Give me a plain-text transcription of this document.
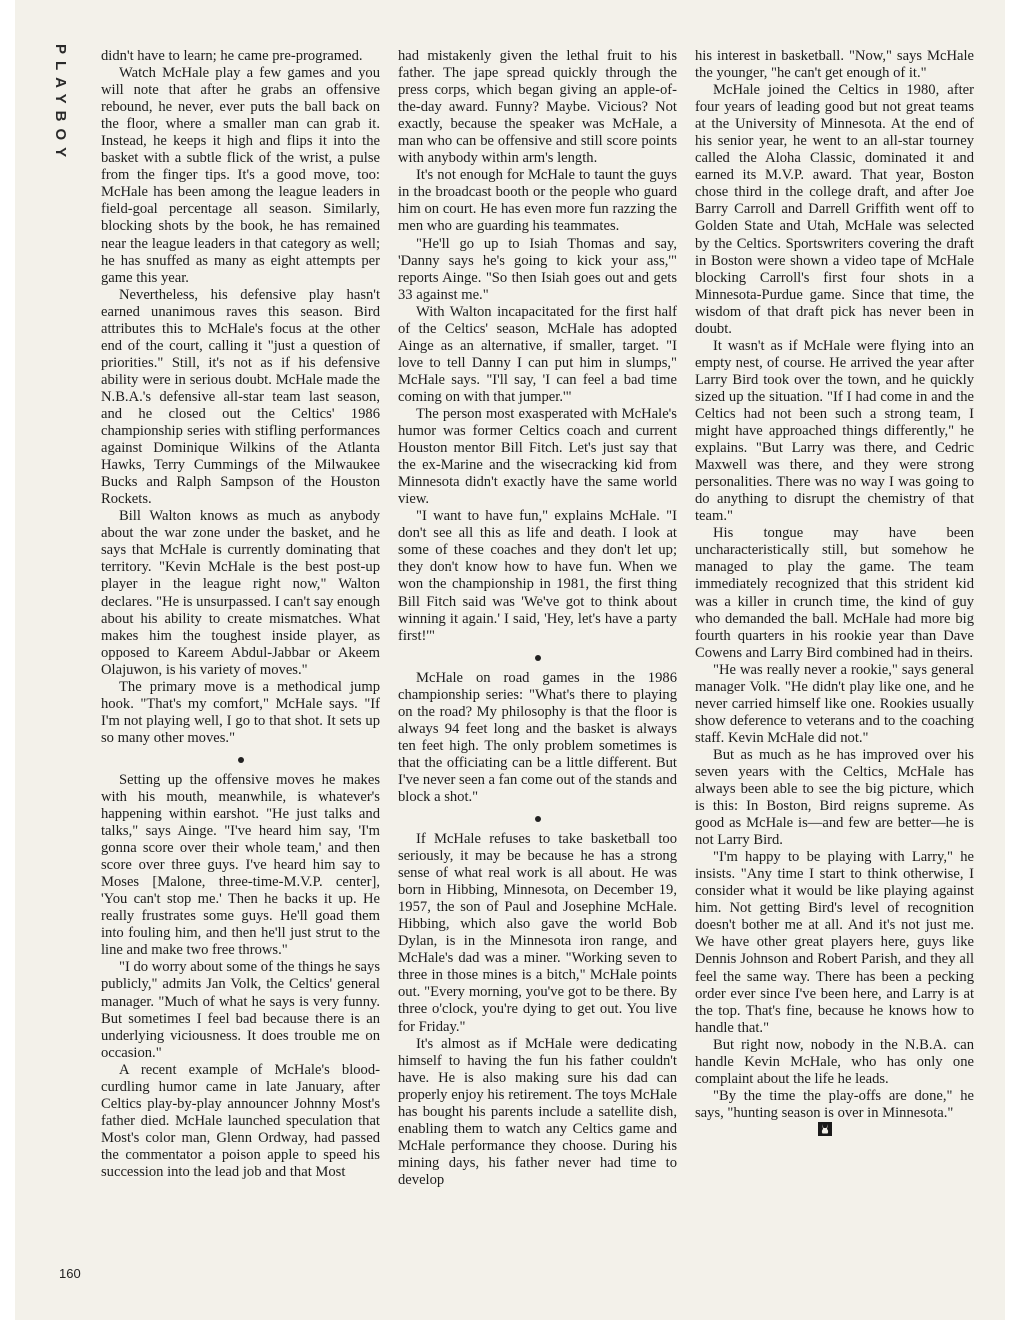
PLAYBOY didn't have to learn; he came pre-programed.

Watch McHale play a few games and you will note that after he grabs an offensive rebound, he never, ever puts the ball back on the floor, where a smaller man can grab it. Instead, he keeps it high and flips it into the basket with a subtle flick of the wrist, a pulse from the finger tips. It's a good move, too: McHale has been among the league leaders in field-goal percentage all season. Similarly, blocking shots by the book, he has remained near the league leaders in that category as well; he has snuffed as many as eight attempts per game this year.

Nevertheless, his defensive play hasn't earned unanimous raves this season. Bird attributes this to McHale's focus at the other end of the court, calling it "just a question of priorities." Still, it's not as if his defensive ability were in serious doubt. McHale made the N.B.A.'s defensive all-star team last season, and he closed out the Celtics' 1986 championship series with stifling performances against Dominique Wilkins of the Atlanta Hawks, Terry Cummings of the Milwaukee Bucks and Ralph Sampson of the Houston Rockets.

Bill Walton knows as much as anybody about the war zone under the basket, and he says that McHale is currently dominating that territory. "Kevin McHale is the best post-up player in the league right now," Walton declares. "He is unsurpassed. I can't say enough about his ability to create mismatches. What makes him the toughest inside player, as opposed to Kareem Abdul-Jabbar or Akeem Olajuwon, is his variety of moves."

The primary move is a methodical jump hook. "That's my comfort," McHale says. "If I'm not playing well, I go to that shot. It sets up so many other moves."

Setting up the offensive moves he makes with his mouth, meanwhile, is whatever's happening within earshot. "He just talks and talks," says Ainge. "I've heard him say, 'I'm gonna score over their whole team,' and then score over three guys. I've heard him say to Moses [Malone, three-time-M.V.P. center], 'You can't stop me.' Then he backs it up. He really frustrates some guys. He'll goad them into fouling him, and then he'll just strut to the line and make two free throws."

"I do worry about some of the things he says publicly," admits Jan Volk, the Celtics' general manager. "Much of what he says is very funny. But sometimes I feel bad because there is an underlying viciousness. It does trouble me on occasion."

A recent example of McHale's blood-curdling humor came in late January, after Celtics play-by-play announcer Johnny Most's father died. McHale launched speculation that Most's color man, Glenn Ordway, had passed the commentator a poison apple to speed his succession into the lead job and that Most

had mistakenly given the lethal fruit to his father. The jape spread quickly through the press corps, which began giving an apple-of-the-day award. Funny? Maybe. Vicious? Not exactly, because the speaker was McHale, a man who can be offensive and still score points with anybody within arm's length.

It's not enough for McHale to taunt the guys in the broadcast booth or the people who guard him on court. He has even more fun razzing the men who are guarding his teammates.

"He'll go up to Isiah Thomas and say, 'Danny says he's going to kick your ass,'" reports Ainge. "So then Isiah goes out and gets 33 against me."

With Walton incapacitated for the first half of the Celtics' season, McHale has adopted Ainge as an alternative, if smaller, target. "I love to tell Danny I can put him in slumps," McHale says. "I'll say, 'I can feel a bad time coming on with that jumper.'"

The person most exasperated with McHale's humor was former Celtics coach and current Houston mentor Bill Fitch. Let's just say that the ex-Marine and the wisecracking kid from Minnesota didn't exactly have the same world view.

"I want to have fun," explains McHale. "I don't see all this as life and death. I look at some of these coaches and they don't let up; they don't know how to have fun. When we won the championship in 1981, the first thing Bill Fitch said was 'We've got to think about winning it again.' I said, 'Hey, let's have a party first!'"

McHale on road games in the 1986 championship series: "What's there to playing on the road? My philosophy is that the floor is always 94 feet long and the basket is always ten feet high. The only problem sometimes is that the officiating can be a little different. But I've never seen a fan come out of the stands and block a shot."

If McHale refuses to take basketball too seriously, it may be because he has a strong sense of what real work is all about. He was born in Hibbing, Minnesota, on December 19, 1957, the son of Paul and Josephine McHale. Hibbing, which also gave the world Bob Dylan, is in the Minnesota iron range, and McHale's dad was a miner. "Working seven to three in those mines is a bitch," McHale points out. "Every morning, you've got to be there. By three o'clock, you're dying to get out. You live for Friday."

It's almost as if McHale were dedicating himself to having the fun his father couldn't have. He is also making sure his dad can properly enjoy his retirement. The toys McHale has bought his parents include a satellite dish, enabling them to watch any Celtics game and McHale performance they choose. During his mining days, his father never had time to develop

his interest in basketball. "Now," says McHale the younger, "he can't get enough of it."

McHale joined the Celtics in 1980, after four years of leading good but not great teams at the University of Minnesota. At the end of his senior year, he went to an all-star tourney called the Aloha Classic, dominated it and earned its M.V.P. award. That year, Boston chose third in the college draft, and after Joe Barry Carroll and Darrell Griffith went off to Golden State and Utah, McHale was selected by the Celtics. Sportswriters covering the draft in Boston were shown a video tape of McHale blocking Carroll's first four shots in a Minnesota-Purdue game. Since that time, the wisdom of that draft pick has never been in doubt.

It wasn't as if McHale were flying into an empty nest, of course. He arrived the year after Larry Bird took over the town, and he quickly sized up the situation. "If I had come in and the Celtics had not been such a strong team, I might have approached things differently," he explains. "But Larry was there, and Cedric Maxwell was there, and they were strong personalities. There was no way I was going to do anything to disrupt the chemistry of that team."

His tongue may have been uncharacteristically still, but somehow he managed to play the game. The team immediately recognized that this strident kid was a killer in crunch time, the kind of guy who demanded the ball. McHale had more big fourth quarters in his rookie year than Dave Cowens and Larry Bird combined had in theirs.

"He was really never a rookie," says general manager Volk. "He didn't play like one, and he never carried himself like one. Rookies usually show deference to veterans and to the coaching staff. Kevin McHale did not."

But as much as he has improved over his seven years with the Celtics, McHale has always been able to see the big picture, which is this: In Boston, Bird reigns supreme. As good as McHale is—and few are better—he is not Larry Bird.

"I'm happy to be playing with Larry," he insists. "Any time I start to think otherwise, I consider what it would be like playing against him. Not getting Bird's level of recognition doesn't bother me at all. And it's not just me. We have other great players here, guys like Dennis Johnson and Robert Parish, and they all feel the same way. There has been a pecking order ever since I've been here, and Larry is at the top. That's fine, because he knows how to handle that."

But right now, nobody in the N.B.A. can handle Kevin McHale, who has only one complaint about the life he leads.

"By the time the play-offs are done," he says, "hunting season is over in Minnesota."

160
